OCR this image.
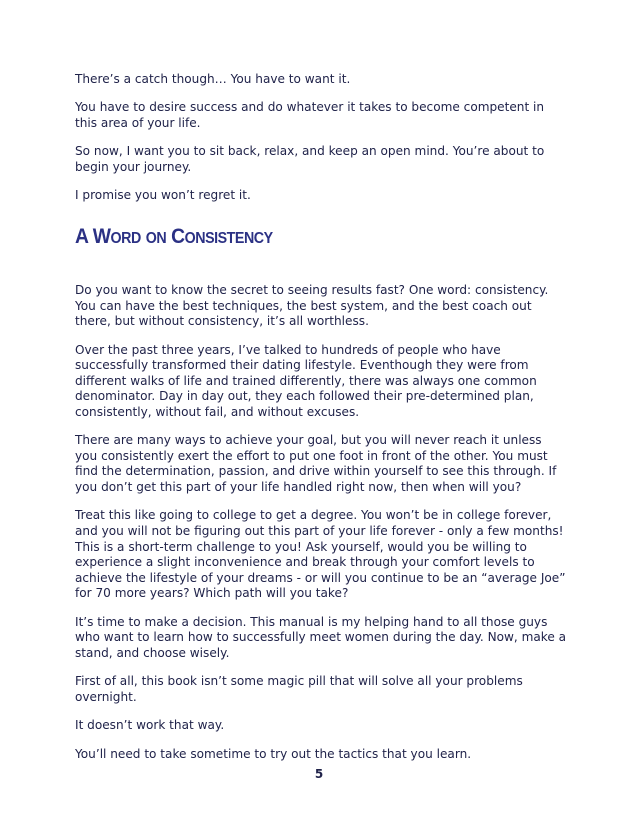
There’s a catch though… You have to want it.

You have to desire success and do whatever it takes to become competent in this area of your life.

So now, I want you to sit back, relax, and keep an open mind. You’re about to begin your journey.

I promise you won’t regret it.

A WORD ON CONSISTENCY

Do you want to know the secret to seeing results fast? One word: consistency. You can have the best techniques, the best system, and the best coach out there, but without consistency, it’s all worthless.

Over the past three years, I’ve talked to hundreds of people who have successfully transformed their dating lifestyle. Eventhough they were from different walks of life and trained differently, there was always one common denominator. Day in day out, they each followed their pre-determined plan, consistently, without fail, and without excuses.

There are many ways to achieve your goal, but you will never reach it unless you consistently exert the effort to put one foot in front of the other. You must find the determination, passion, and drive within yourself to see this through. If you don’t get this part of your life handled right now, then when will you?

Treat this like going to college to get a degree. You won’t be in college forever, and you will not be figuring out this part of your life forever - only a few months! This is a short-term challenge to you! Ask yourself, would you be willing to experience a slight inconvenience and break through your comfort levels to achieve the lifestyle of your dreams - or will you continue to be an “average Joe” for 70 more years? Which path will you take?

It’s time to make a decision. This manual is my helping hand to all those guys who want to learn how to successfully meet women during the day. Now, make a stand, and choose wisely.

First of all, this book isn’t some magic pill that will solve all your problems overnight.

It doesn’t work that way.

You’ll need to take sometime to try out the tactics that you learn.

5
